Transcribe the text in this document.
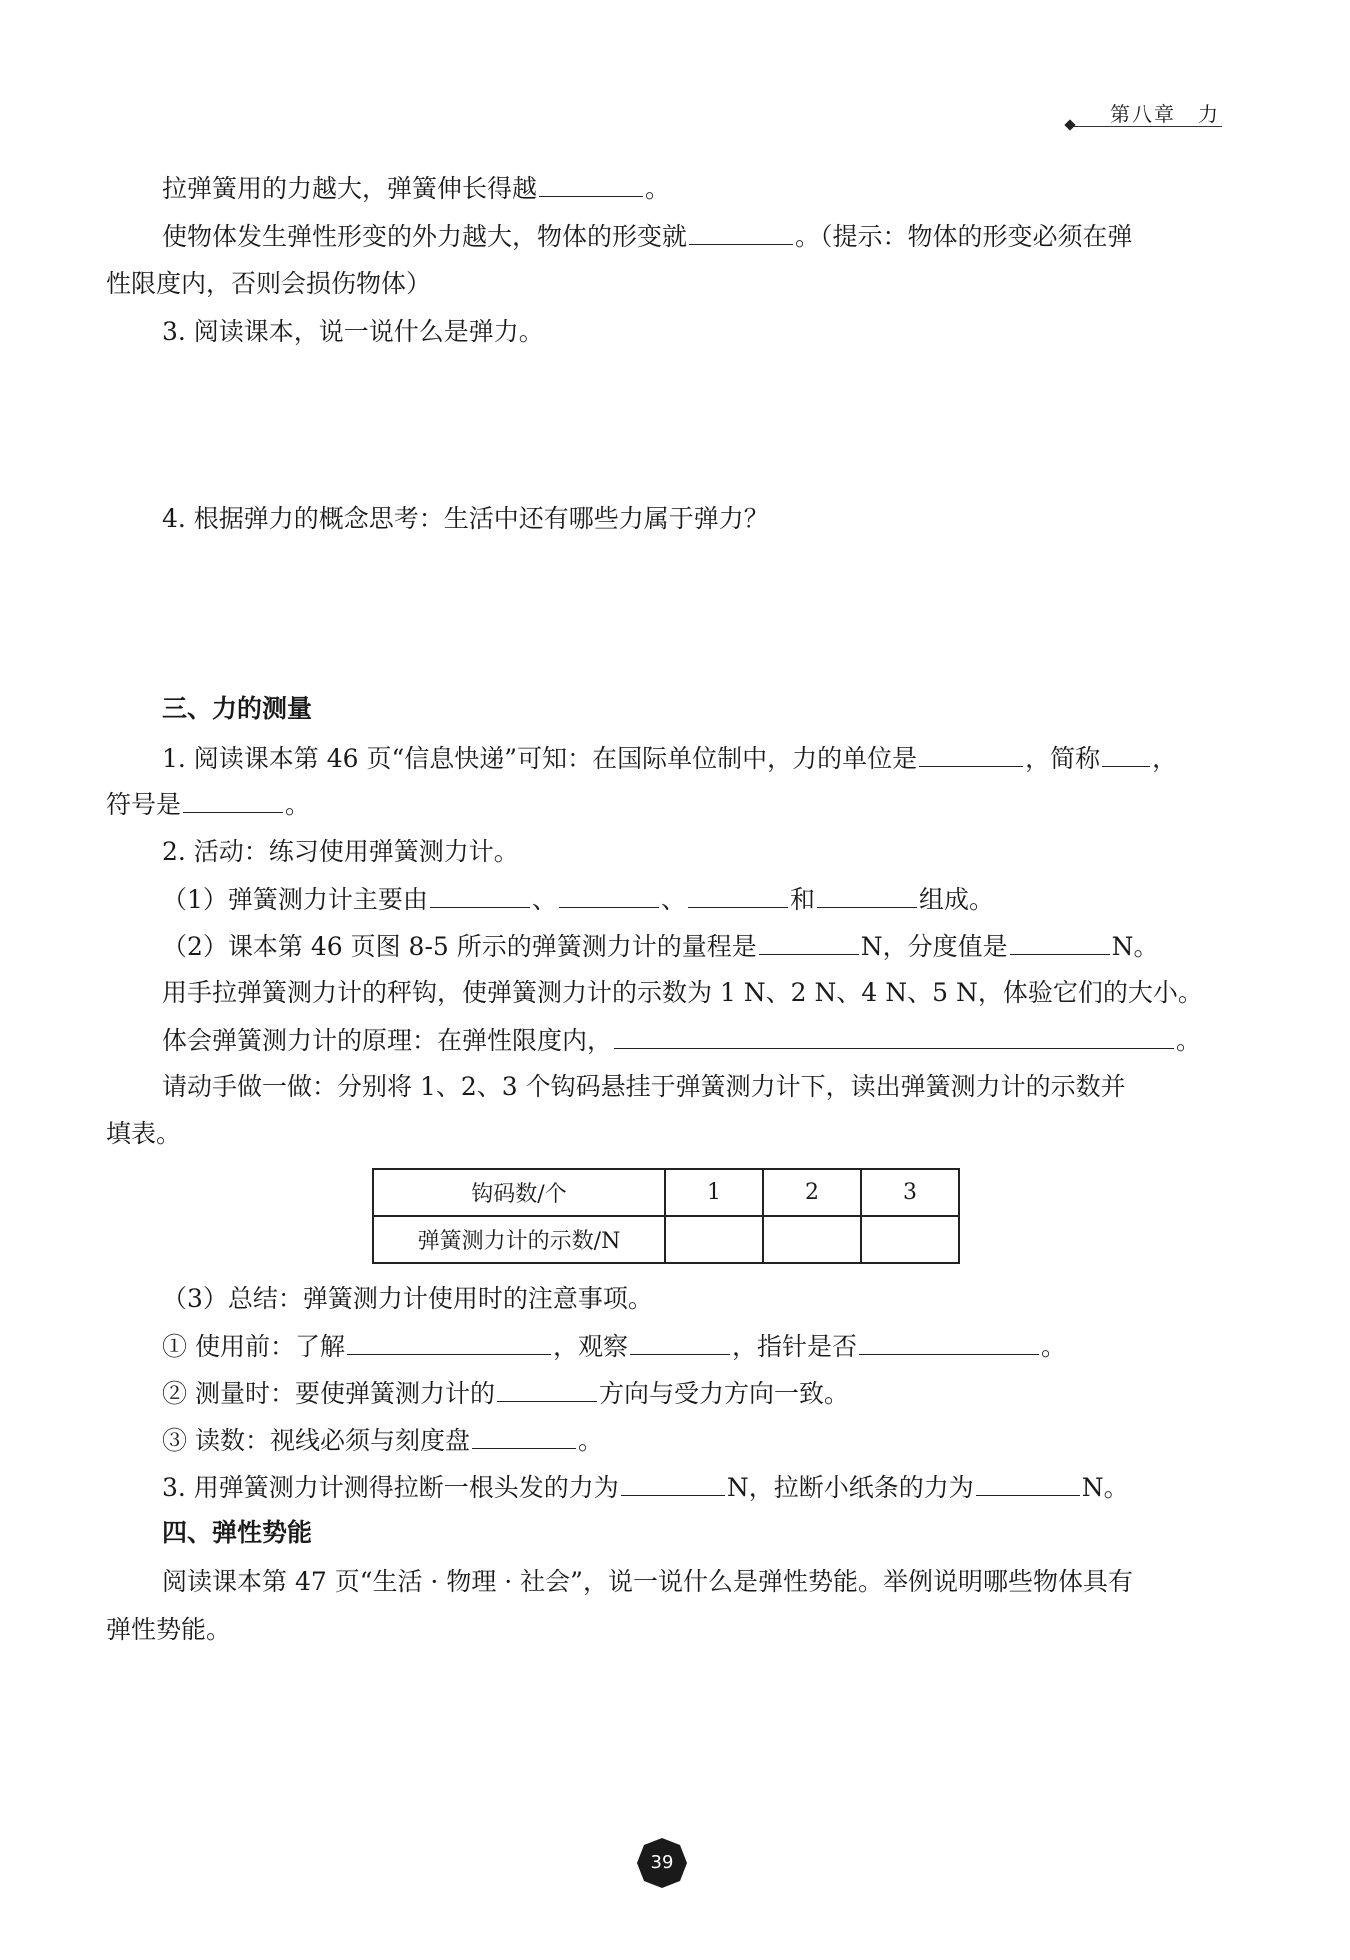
第八章　力
拉弹簧用的力越大，弹簧伸长得越	。
使物体发生弹性形变的外力越大，物体的形变就	。（提示：物体的形变必须在弹
性限度内，否则会损伤物体）
3. 阅读课本，说一说什么是弹力。
4. 根据弹力的概念思考：生活中还有哪些力属于弹力？
三、力的测量
1. 阅读课本第 46 页“信息快递”可知：在国际单位制中，力的单位是	，简称 ，
符号是	。
2. 活动：练习使用弹簧测力计。
（1）弹簧测力计主要由	、	、	和	组成。
（2）课本第 46 页图 8-5 所示的弹簧测力计的量程是	N，分度值是	N。
用手拉弹簧测力计的秤钩，使弹簧测力计的示数为 1 N、2 N、4 N、5 N，体验它们的大小。
体会弹簧测力计的原理：在弹性限度内，	。
请动手做一做：分别将 1、2、3 个钩码悬挂于弹簧测力计下，读出弹簧测力计的示数并
填表。
钩码数/个	1	2	3
弹簧测力计的示数/N			
（3）总结：弹簧测力计使用时的注意事项。
① 使用前：了解	，观察	，指针是否	。
② 测量时：要使弹簧测力计的	方向与受力方向一致。
③ 读数：视线必须与刻度盘	。
3. 用弹簧测力计测得拉断一根头发的力为	N，拉断小纸条的力为	N。
四、弹性势能
阅读课本第 47 页“生活 · 物理 · 社会”，说一说什么是弹性势能。举例说明哪些物体具有
弹性势能。
39
